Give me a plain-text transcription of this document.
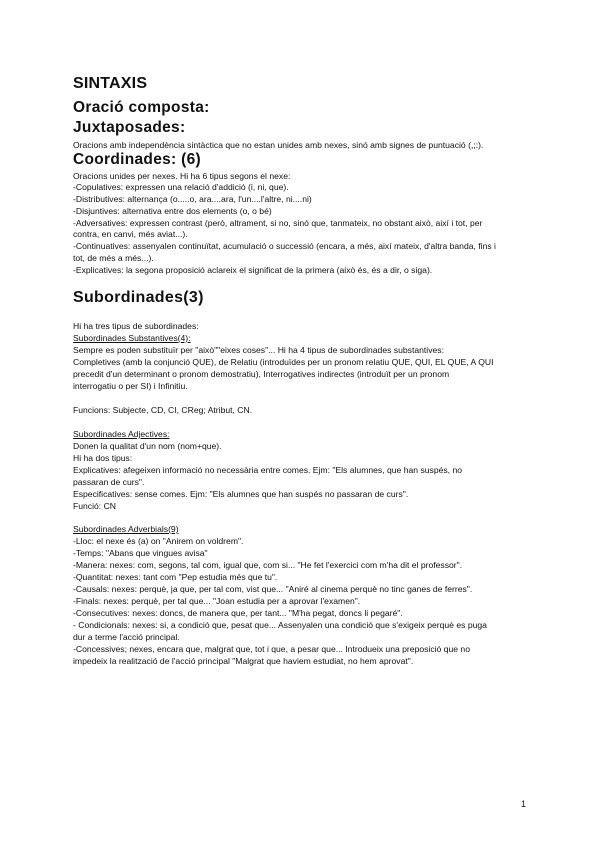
SINTAXIS
Oració composta:
Juxtaposades:
Oracions amb independència sintàctica que no estan unides amb nexes, sinó amb signes de puntuació (,;:).
Coordinades: (6)
Oracions unides per nexes. Hi ha 6 tipus segons el nexe:
-Copulatives: expressen una relació d'addició (i, ni, que).
-Distributives: alternança (o.....o, ara....ara, l'un....l'altre, ni....ni)
-Disjuntives: alternativa entre dos elements (o, o bé)
-Adversatives: expressen contrast (però, altrament, si no, sinó que, tanmateix, no obstant això, així i tot, per
contra, en canvi, més aviat...).
-Continuatives: assenyalen continuïtat, acumulació o successió (encara, a més, així mateix, d'altra banda, fins i
tot, de més a més...).
-Explicatives: la segona proposició aclareix el significat de la primera (això és, és a dir, o siga).
Subordinades(3)
Hi ha tres tipus de subordinades:
Subordinades Substantives(4):
Sempre es poden substituïr per "això""eixes coses"... Hi ha 4 tipus de subordinades substantives:
Completives (amb la conjunció QUE), de Relatiu (introduïdes per un pronom relatiu QUE, QUI, EL QUE, A QUI
precedit d'un determinant o pronom demostratiu), Interrogatives indirectes (introduït per un pronom
interrogatiu o per SI) i Infinitiu.
Funcions: Subjecte, CD, CI, CReg; Atribut, CN.
Subordinades Adjectives:
Donen la qualitat d'un nom (nom+que).
Hi ha dos tipus:
Explicatives: afegeixen informació no necessària entre comes. Ejm: "Els alumnes, que han suspés, no
passaran de curs".
Especificatives: sense comes. Ejm: "Els alumnes que han suspés no passaran de curs".
Funció: CN
Subordinades Adverbials(9)
-Lloc: el nexe és (a) on "Anirem on voldrem".
-Temps: "Abans que vingues avisa"
-Manera: nexes: com, segons, tal com, igual que, com si... "He fet l'exercici com m'ha dit el professor".
-Quantitat: nexes: tant com "Pep estudia més que tu".
-Causals: nexes: perquè, ja que, per tal com, vist que... "Aniré al cinema perquè no tinc ganes de ferres".
-Finals: nexes: perquè, per tal que... "Joan estudia per a aprovar l'examen".
-Consecutives: nexes: doncs, de manera que, per tant... "M'ha pegat, doncs li pegaré".
- Condicionals: nexes: si, a condició que, pesat que... Assenyalen una condició que s'exigeix perquè es puga
dur a terme l'acció principal.
-Concessives; nexes, encara que, malgrat que, tot i que, a pesar que... Introdueix una preposició que no
impedeix la realització de l'acció principal "Malgrat que haviem estudiat, no hem aprovat".
1
